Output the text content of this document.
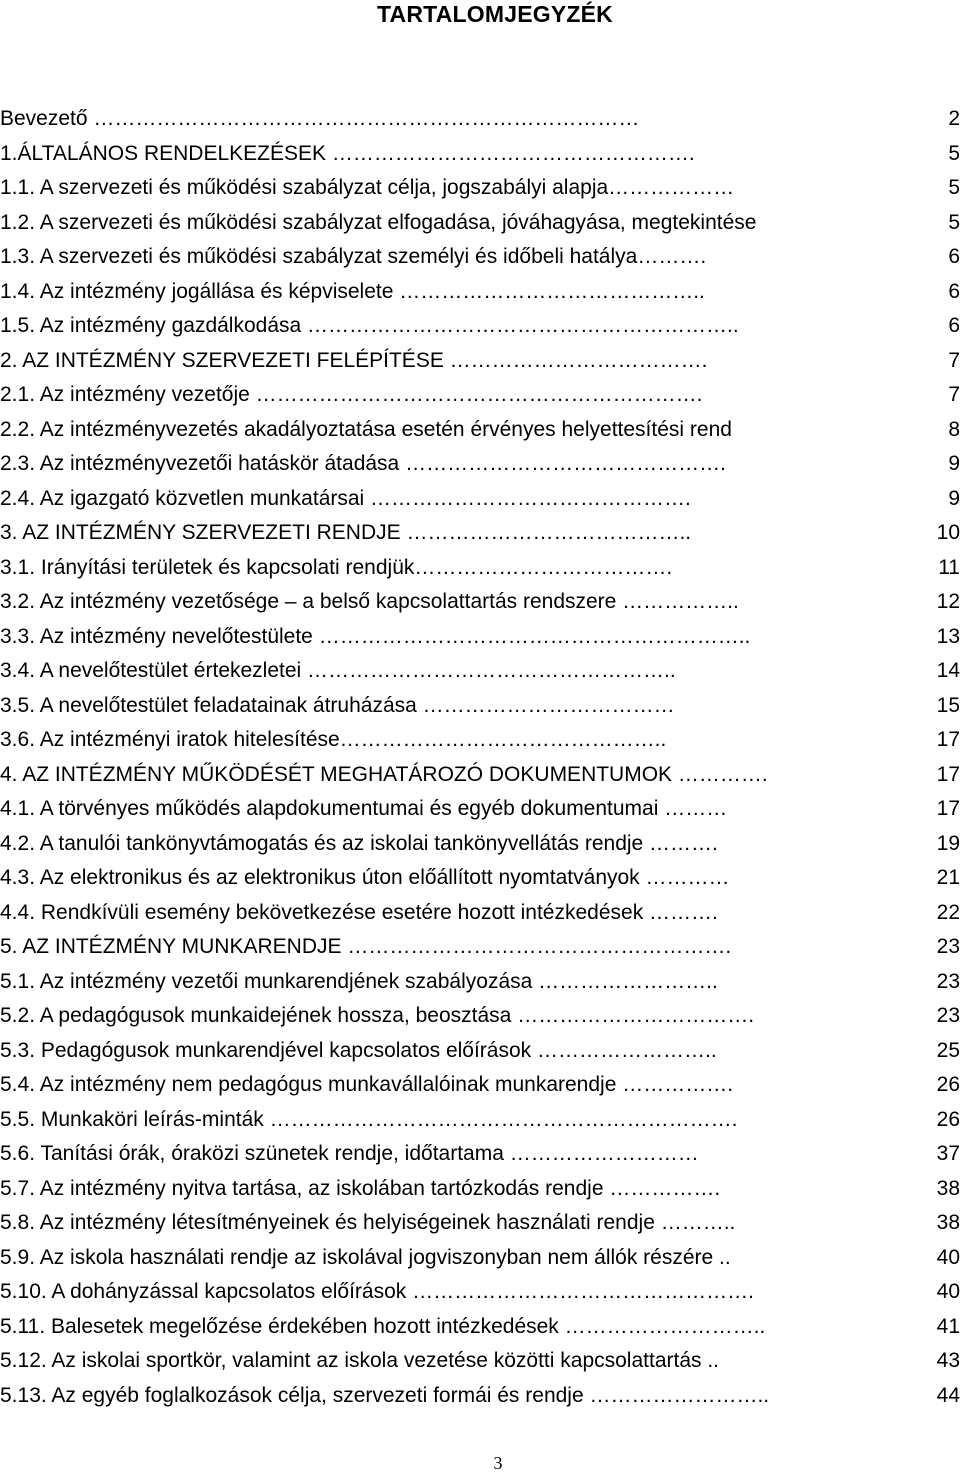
TARTALOMJEGYZÉK
Bevezető ……………………………………………………………………	2
1.ÁLTALÁNOS RENDELKEZÉSEK …………………………………………….	5
1.1. A szervezeti és működési szabályzat célja, jogszabályi alapja………………	5
1.2. A szervezeti és működési szabályzat elfogadása, jóváhagyása, megtekintése	5
1.3. A szervezeti és működési szabályzat személyi és időbeli hatálya……….	6
1.4. Az intézmény jogállása és képviselete ……………………………………..	6
1.5. Az intézmény gazdálkodása ……………………………………………………..	6
2. AZ INTÉZMÉNY SZERVEZETI FELÉPÍTÉSE ……………………………….	7
2.1. Az intézmény vezetője ……………………………………………………….	7
2.2. Az intézményvezetés akadályoztatása esetén érvényes helyettesítési rend	8
2.3. Az intézményvezetői hatáskör átadása ……………………………………….	9
2.4. Az igazgató közvetlen munkatársai ……………………………………….	9
3. AZ INTÉZMÉNY SZERVEZETI RENDJE …………………………………..	10
3.1. Irányítási területek és kapcsolati rendjük……………………………….	11
3.2. Az intézmény vezetősége – a belső kapcsolattartás rendszere ……………..	12
3.3. Az intézmény nevelőtestülete ……………………………………………………..	13
3.4. A nevelőtestület értekezletei ……………………………………………..	14
3.5. A nevelőtestület feladatainak átruházása ………………………………	15
3.6. Az intézményi iratok hitelesítése………………………………………..	17
4. AZ INTÉZMÉNY MŰKÖDÉSÉT MEGHATÁROZÓ DOKUMENTUMOK ………….	17
4.1. A törvényes működés alapdokumentumai és egyéb dokumentumai ………	17
4.2. A tanulói tankönyvtámogatás és az iskolai tankönyvellátás rendje ……….	19
4.3. Az elektronikus és az elektronikus úton előállított nyomtatványok …………	21
4.4. Rendkívüli esemény bekövetkezése esetére hozott intézkedések ……….	22
5. AZ INTÉZMÉNY MUNKARENDJE ……………………………………………….	23
5.1. Az intézmény vezetői munkarendjének szabályozása ……………………..	23
5.2. A pedagógusok munkaidejének hossza, beosztása …………………………….	23
5.3. Pedagógusok munkarendjével kapcsolatos előírások ……………………..	25
5.4. Az intézmény nem pedagógus munkavállalóinak munkarendje …………….	26
5.5. Munkaköri leírás-minták ………………………………………………………….	26
5.6. Tanítási órák, óraközi szünetek rendje, időtartama ………………………	37
5.7. Az intézmény nyitva tartása, az iskolában tartózkodás rendje …………….	38
5.8. Az intézmény létesítményeinek és helyiségeinek használati rendje ………..	38
5.9. Az iskola használati rendje az iskolával jogviszonyban nem állók részére ..	40
5.10. A dohányzással kapcsolatos előírások ………………………………………….	40
5.11. Balesetek megelőzése érdekében hozott intézkedések ………………………..	41
5.12. Az iskolai sportkör, valamint az iskola vezetése közötti kapcsolattartás ..	43
5.13. Az egyéb foglalkozások célja, szervezeti formái és rendje ……………………..	44
3
